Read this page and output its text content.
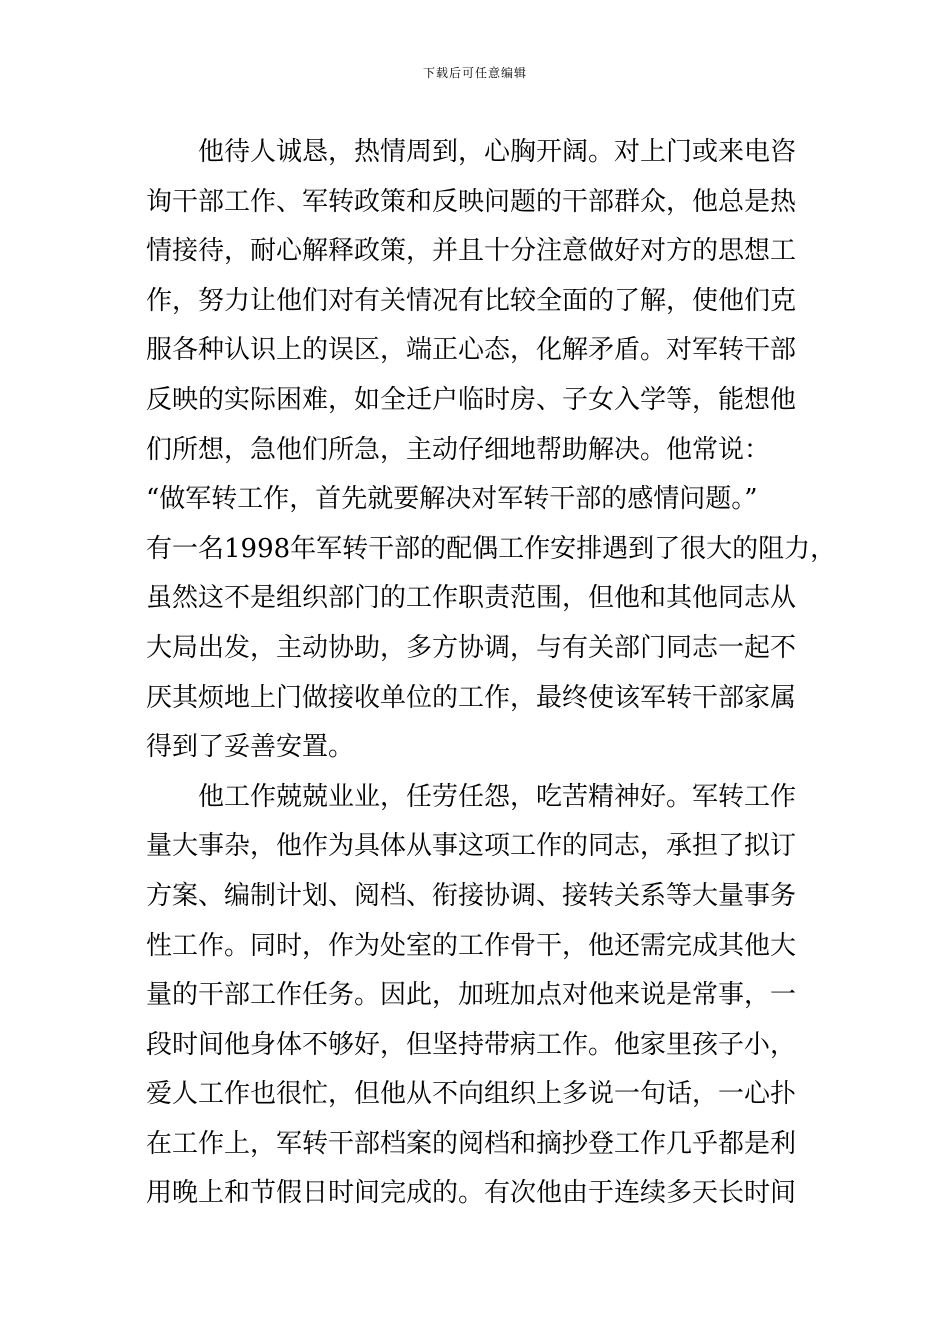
下载后可任意编辑
他待人诚恳，热情周到，心胸开阔。对上门或来电咨
询干部工作、军转政策和反映问题的干部群众，他总是热
情接待，耐心解释政策，并且十分注意做好对方的思想工
作，努力让他们对有关情况有比较全面的了解，使他们克
服各种认识上的误区，端正心态，化解矛盾。对军转干部
反映的实际困难，如全迁户临时房、子女入学等，能想他
们所想，急他们所急，主动仔细地帮助解决。他常说：
“做军转工作，首先就要解决对军转干部的感情问题。”
有一名1998年军转干部的配偶工作安排遇到了很大的阻力，
虽然这不是组织部门的工作职责范围，但他和其他同志从
大局出发，主动协助，多方协调，与有关部门同志一起不
厌其烦地上门做接收单位的工作，最终使该军转干部家属
得到了妥善安置。
他工作兢兢业业，任劳任怨，吃苦精神好。军转工作
量大事杂，他作为具体从事这项工作的同志，承担了拟订
方案、编制计划、阅档、衔接协调、接转关系等大量事务
性工作。同时，作为处室的工作骨干，他还需完成其他大
量的干部工作任务。因此，加班加点对他来说是常事，一
段时间他身体不够好，但坚持带病工作。他家里孩子小，
爱人工作也很忙，但他从不向组织上多说一句话，一心扑
在工作上，军转干部档案的阅档和摘抄登工作几乎都是利
用晚上和节假日时间完成的。有次他由于连续多天长时间
